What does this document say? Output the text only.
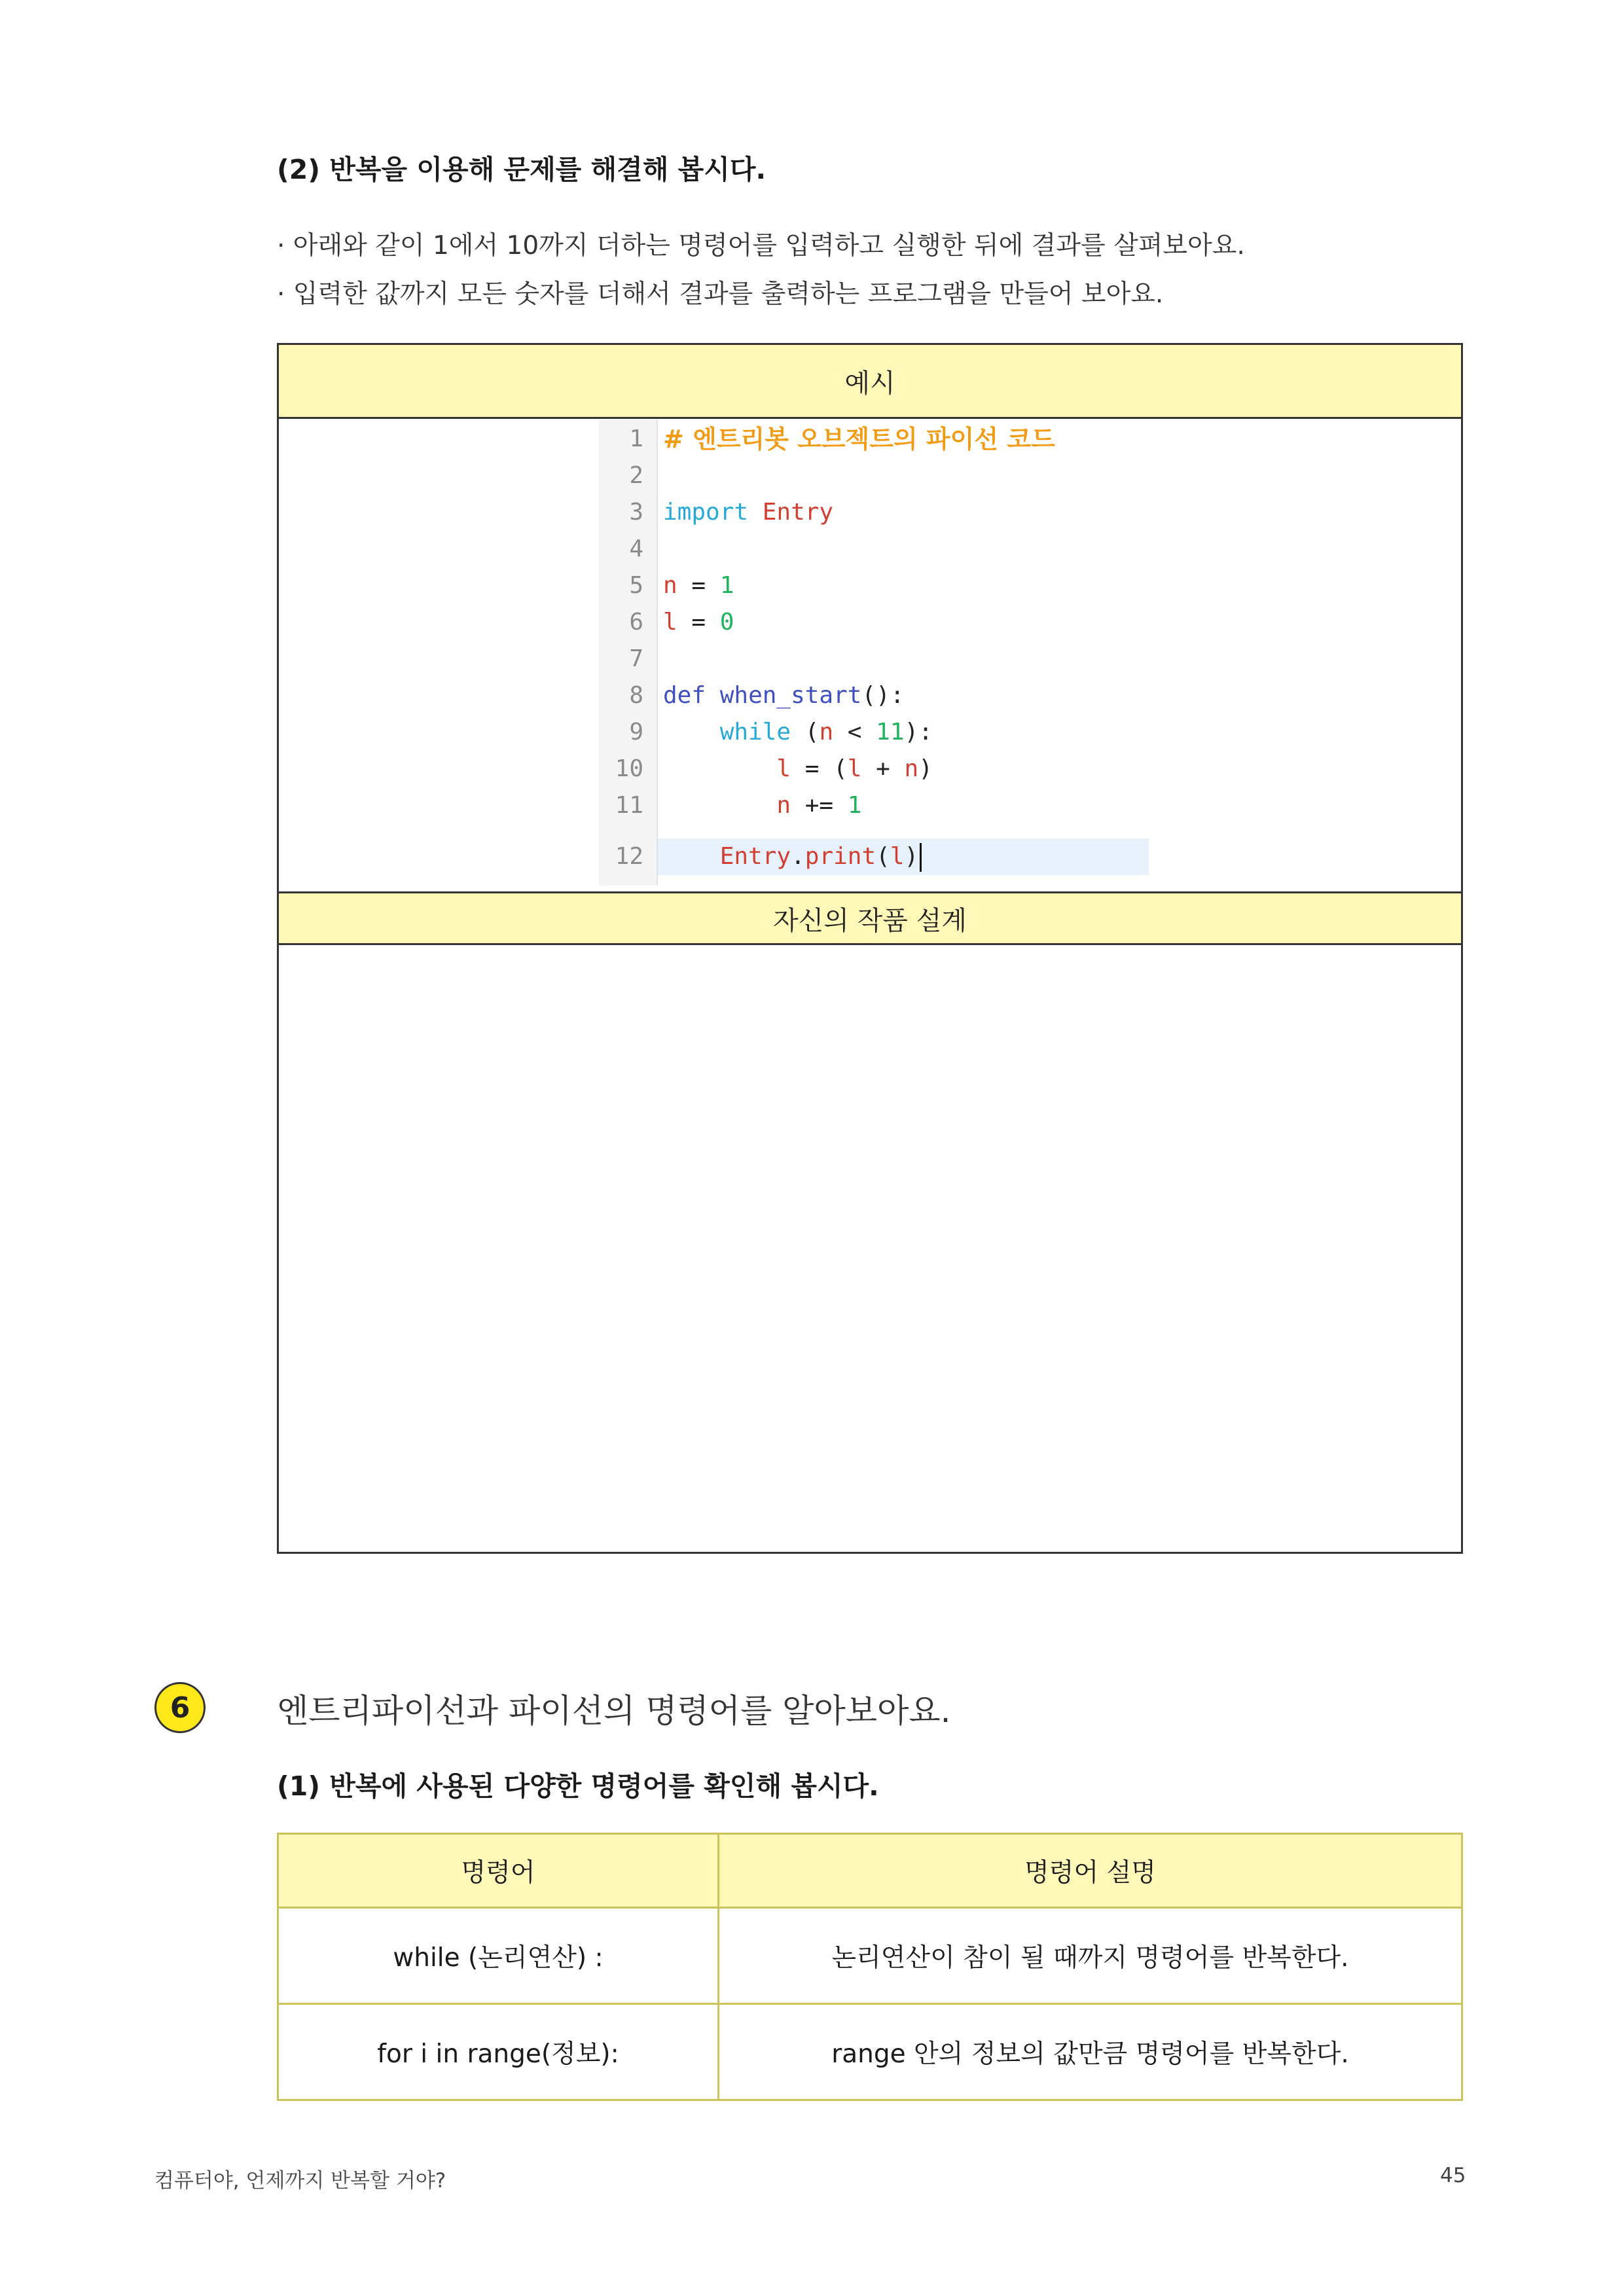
(2) 반복을 이용해 문제를 해결해 봅시다.
· 아래와 같이 1에서 10까지 더하는 명령어를 입력하고 실행한 뒤에 결과를 살펴보아요.
· 입력한 값까지 모든 숫자를 더해서 결과를 출력하는 프로그램을 만들어 보아요.
예시
1 # 엔트리봇 오브젝트의 파이선 코드
2
3 import Entry
4
5 n = 1
6 l = 0
7
8 def when_start():
9	while (n < 11):
10	l = (l + n)
11	n += 1
12	Entry.print(l)
자신의 작품 설계
6	엔트리파이선과 파이선의 명령어를 알아보아요.
(1) 반복에 사용된 다양한 명령어를 확인해 봅시다.
명령어	명령어 설명
while (논리연산) :	논리연산이 참이 될 때까지 명령어를 반복한다.
for i in range(정보):	range 안의 정보의 값만큼 명령어를 반복한다.
컴퓨터야, 언제까지 반복할 거야?	45
